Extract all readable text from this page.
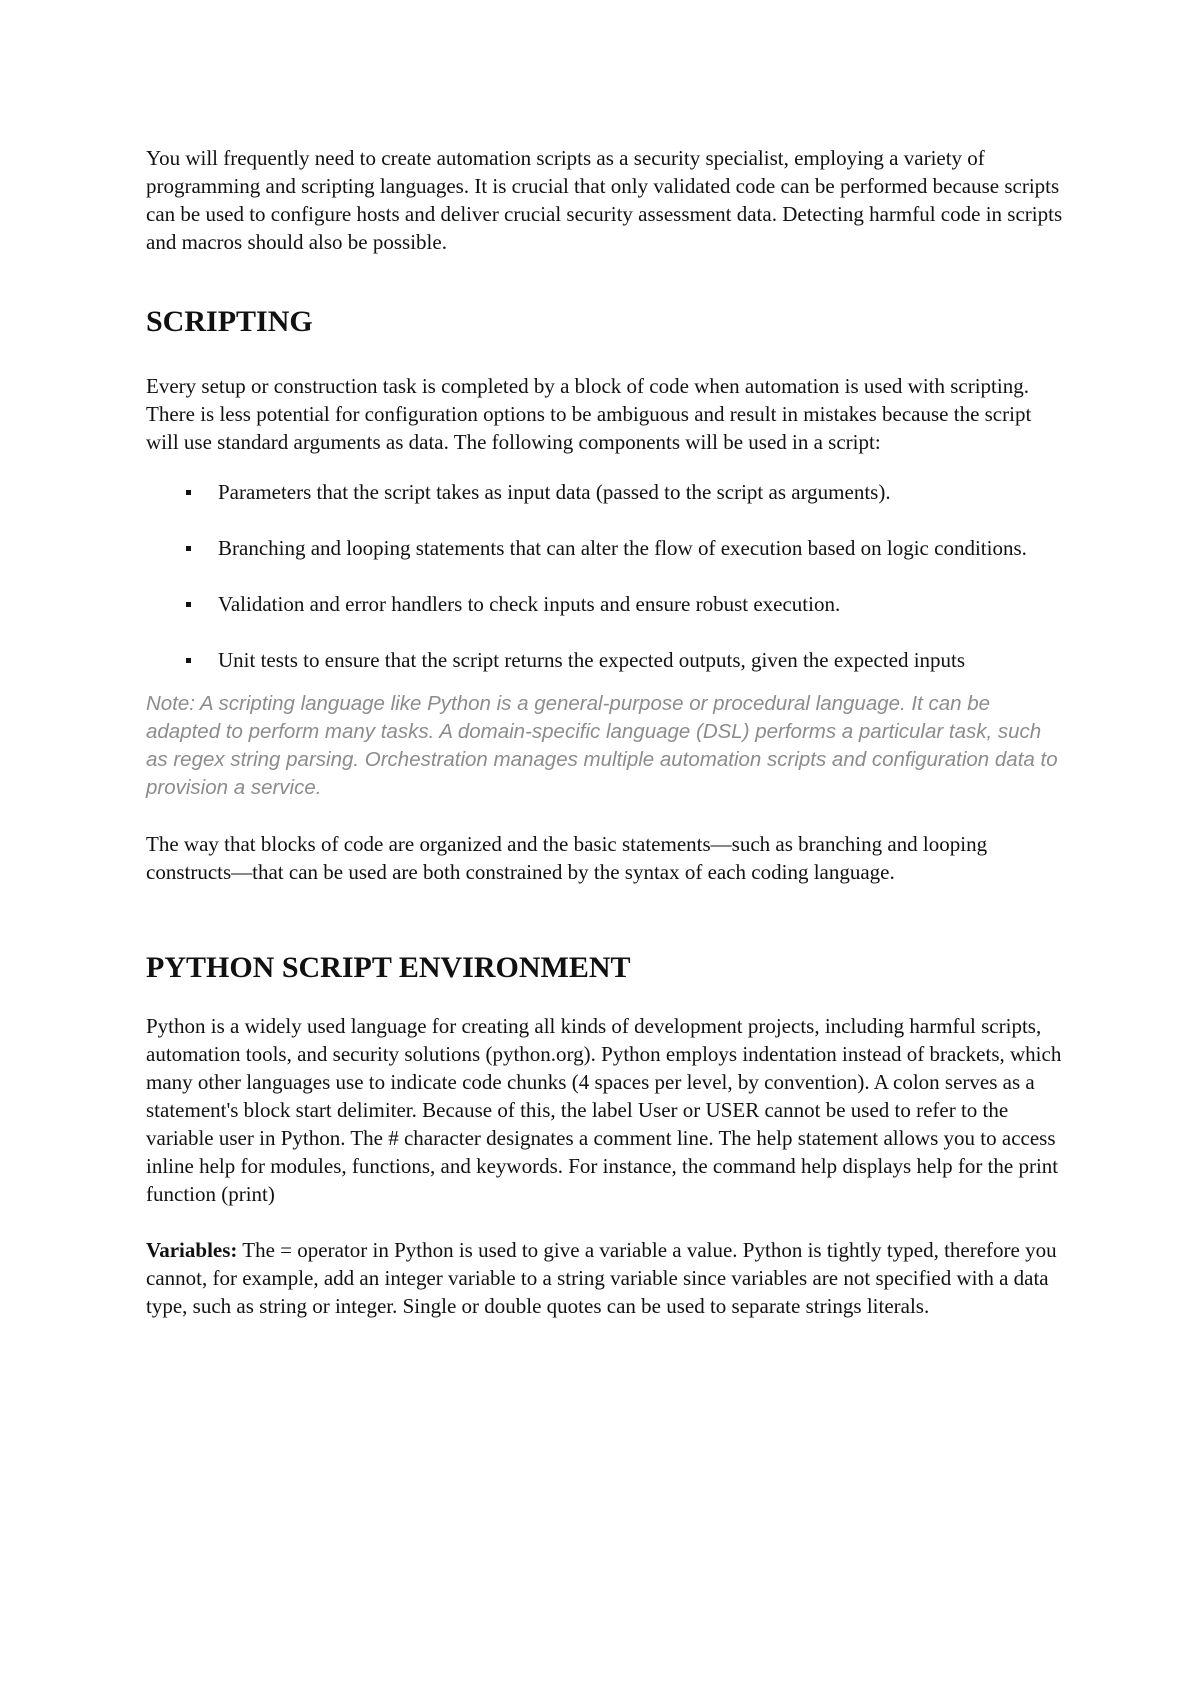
You will frequently need to create automation scripts as a security specialist, employing a variety of programming and scripting languages. It is crucial that only validated code can be performed because scripts can be used to configure hosts and deliver crucial security assessment data. Detecting harmful code in scripts and macros should also be possible.

SCRIPTING

Every setup or construction task is completed by a block of code when automation is used with scripting. There is less potential for configuration options to be ambiguous and result in mistakes because the script will use standard arguments as data. The following components will be used in a script:

Parameters that the script takes as input data (passed to the script as arguments).
Branching and looping statements that can alter the flow of execution based on logic conditions.
Validation and error handlers to check inputs and ensure robust execution.
Unit tests to ensure that the script returns the expected outputs, given the expected inputs

Note: A scripting language like Python is a general-purpose or procedural language. It can be adapted to perform many tasks. A domain-specific language (DSL) performs a particular task, such as regex string parsing. Orchestration manages multiple automation scripts and configuration data to provision a service.

The way that blocks of code are organized and the basic statements—such as branching and looping constructs—that can be used are both constrained by the syntax of each coding language.

PYTHON SCRIPT ENVIRONMENT

Python is a widely used language for creating all kinds of development projects, including harmful scripts, automation tools, and security solutions (python.org). Python employs indentation instead of brackets, which many other languages use to indicate code chunks (4 spaces per level, by convention). A colon serves as a statement's block start delimiter. Because of this, the label User or USER cannot be used to refer to the variable user in Python. The # character designates a comment line. The help statement allows you to access inline help for modules, functions, and keywords. For instance, the command help displays help for the print function (print)

Variables: The = operator in Python is used to give a variable a value. Python is tightly typed, therefore you cannot, for example, add an integer variable to a string variable since variables are not specified with a data type, such as string or integer. Single or double quotes can be used to separate strings literals.
